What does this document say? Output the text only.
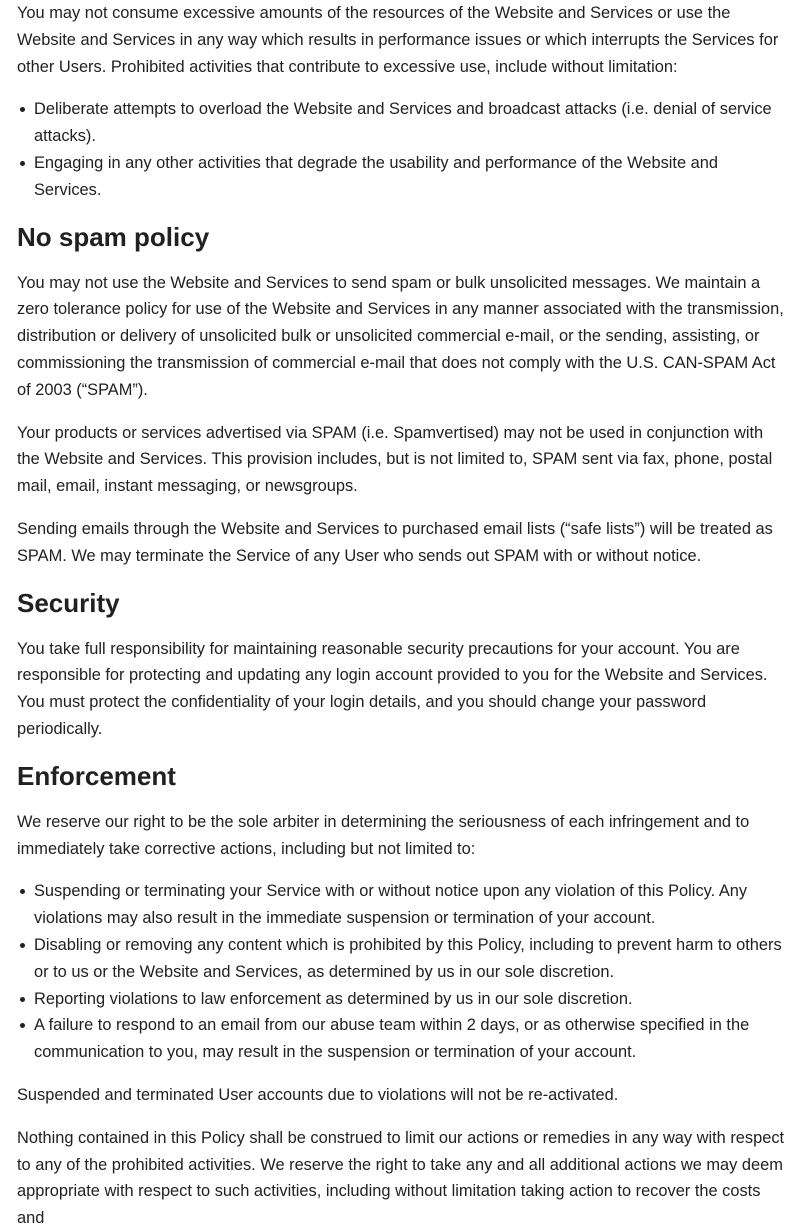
You may not consume excessive amounts of the resources of the Website and Services or use the Website and Services in any way which results in performance issues or which interrupts the Services for other Users. Prohibited activities that contribute to excessive use, include without limitation:

Deliberate attempts to overload the Website and Services and broadcast attacks (i.e. denial of service attacks).
Engaging in any other activities that degrade the usability and performance of the Website and Services.
No spam policy

You may not use the Website and Services to send spam or bulk unsolicited messages. We maintain a zero tolerance policy for use of the Website and Services in any manner associated with the transmission, distribution or delivery of unsolicited bulk or unsolicited commercial e-mail, or the sending, assisting, or commissioning the transmission of commercial e-mail that does not comply with the U.S. CAN-SPAM Act of 2003 (“SPAM”).

Your products or services advertised via SPAM (i.e. Spamvertised) may not be used in conjunction with the Website and Services. This provision includes, but is not limited to, SPAM sent via fax, phone, postal mail, email, instant messaging, or newsgroups.

Sending emails through the Website and Services to purchased email lists (“safe lists”) will be treated as SPAM. We may terminate the Service of any User who sends out SPAM with or without notice.

Security

You take full responsibility for maintaining reasonable security precautions for your account. You are responsible for protecting and updating any login account provided to you for the Website and Services. You must protect the confidentiality of your login details, and you should change your password periodically.

Enforcement

We reserve our right to be the sole arbiter in determining the seriousness of each infringement and to immediately take corrective actions, including but not limited to:

Suspending or terminating your Service with or without notice upon any violation of this Policy. Any violations may also result in the immediate suspension or termination of your account.
Disabling or removing any content which is prohibited by this Policy, including to prevent harm to others or to us or the Website and Services, as determined by us in our sole discretion.
Reporting violations to law enforcement as determined by us in our sole discretion.
A failure to respond to an email from our abuse team within 2 days, or as otherwise specified in the communication to you, may result in the suspension or termination of your account.

Suspended and terminated User accounts due to violations will not be re-activated.

Nothing contained in this Policy shall be construed to limit our actions or remedies in any way with respect to any of the prohibited activities. We reserve the right to take any and all additional actions we may deem appropriate with respect to such activities, including without limitation taking action to recover the costs and
